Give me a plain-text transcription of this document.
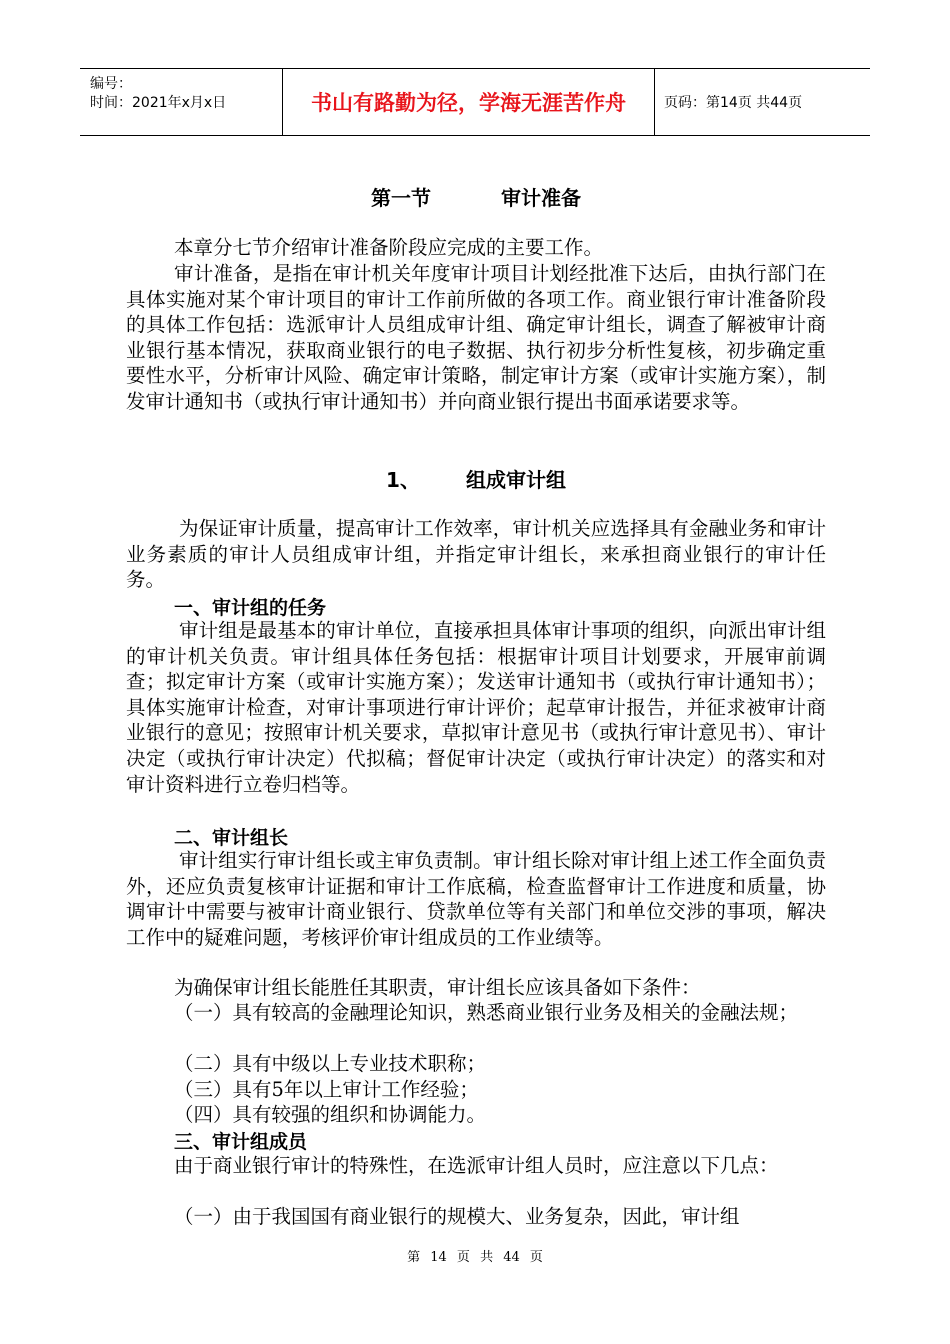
编号：
时间：2021年x月x日	书山有路勤为径，学海无涯苦作舟	页码：第14页 共44页
第一节	审计准备
本章分七节介绍审计准备阶段应完成的主要工作。
审计准备，是指在审计机关年度审计项目计划经批准下达后，由执行部门在具体实施对某个审计项目的审计工作前所做的各项工作。商业银行审计准备阶段的具体工作包括：选派审计人员组成审计组、确定审计组长，调查了解被审计商业银行基本情况，获取商业银行的电子数据、执行初步分析性复核，初步确定重要性水平，分析审计风险、确定审计策略，制定审计方案（或审计实施方案），制发审计通知书（或执行审计通知书）并向商业银行提出书面承诺要求等。
1、 组成审计组
为保证审计质量，提高审计工作效率，审计机关应选择具有金融业务和审计业务素质的审计人员组成审计组，并指定审计组长，来承担商业银行的审计任务。
一、审计组的任务
审计组是最基本的审计单位，直接承担具体审计事项的组织，向派出审计组的审计机关负责。审计组具体任务包括：根据审计项目计划要求，开展审前调查；拟定审计方案（或审计实施方案）；发送审计通知书（或执行审计通知书）；具体实施审计检查，对审计事项进行审计评价；起草审计报告，并征求被审计商业银行的意见；按照审计机关要求，草拟审计意见书（或执行审计意见书）、审计决定（或执行审计决定）代拟稿；督促审计决定（或执行审计决定）的落实和对审计资料进行立卷归档等。
二、审计组长
审计组实行审计组长或主审负责制。审计组长除对审计组上述工作全面负责外，还应负责复核审计证据和审计工作底稿，检查监督审计工作进度和质量，协调审计中需要与被审计商业银行、贷款单位等有关部门和单位交涉的事项，解决工作中的疑难问题，考核评价审计组成员的工作业绩等。
为确保审计组长能胜任其职责，审计组长应该具备如下条件：
（一）具有较高的金融理论知识，熟悉商业银行业务及相关的金融法规；
（二）具有中级以上专业技术职称；
（三）具有5年以上审计工作经验；
（四）具有较强的组织和协调能力。
三、审计组成员
由于商业银行审计的特殊性，在选派审计组人员时，应注意以下几点：
（一）由于我国国有商业银行的规模大、业务复杂，因此，审计组
第 14 页 共 44 页
